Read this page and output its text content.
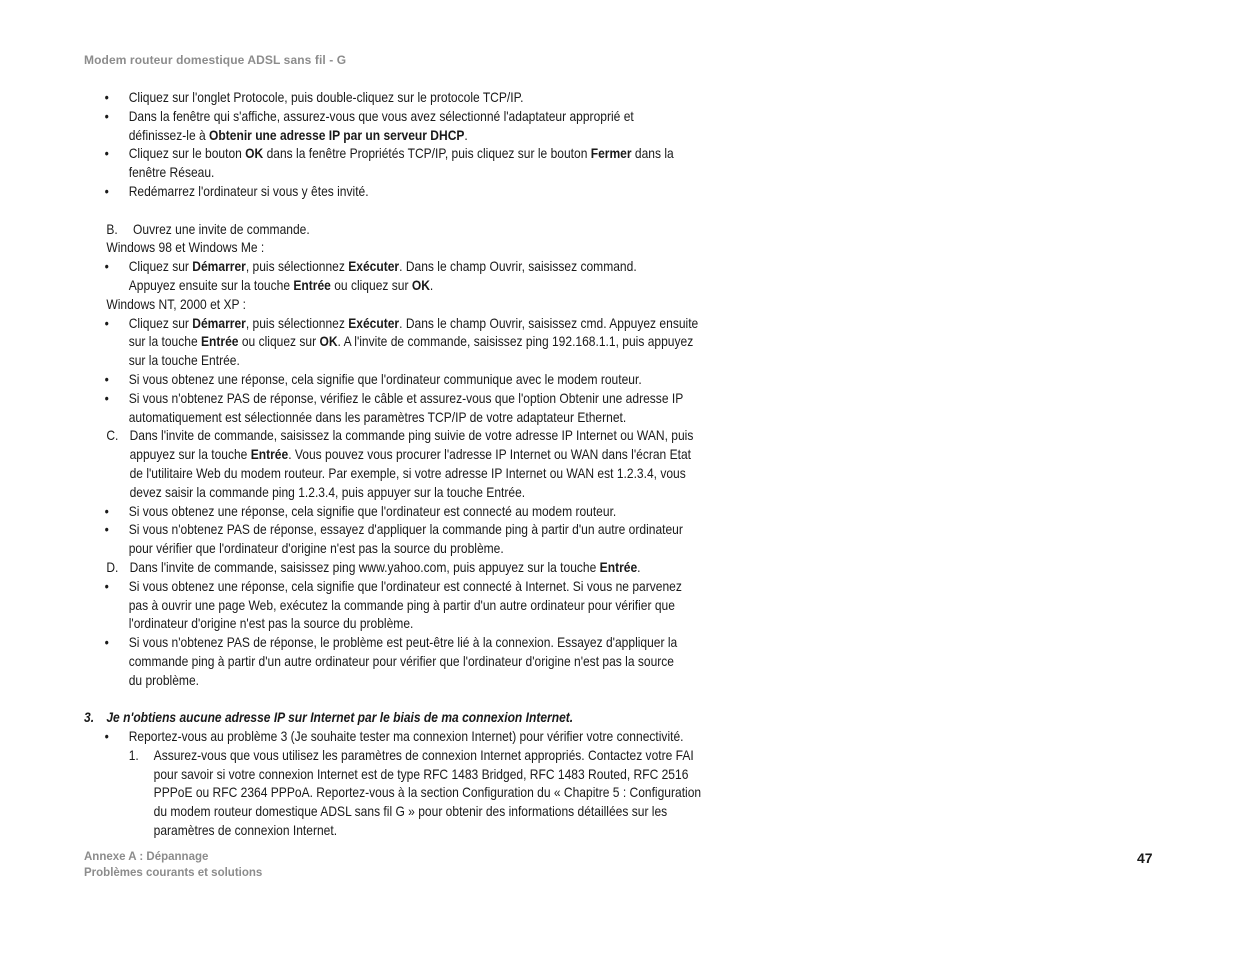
Modem routeur domestique ADSL sans fil - G
• Cliquez sur l'onglet Protocole, puis double-cliquez sur le protocole TCP/IP.
• Dans la fenêtre qui s'affiche, assurez-vous que vous avez sélectionné l'adaptateur approprié et
définissez-le à Obtenir une adresse IP par un serveur DHCP.
• Cliquez sur le bouton OK dans la fenêtre Propriétés TCP/IP, puis cliquez sur le bouton Fermer dans la
fenêtre Réseau.
• Redémarrez l'ordinateur si vous y êtes invité.
B. Ouvrez une invite de commande.
Windows 98 et Windows Me :
• Cliquez sur Démarrer, puis sélectionnez Exécuter. Dans le champ Ouvrir, saisissez command.
Appuyez ensuite sur la touche Entrée ou cliquez sur OK.
Windows NT, 2000 et XP :
• Cliquez sur Démarrer, puis sélectionnez Exécuter. Dans le champ Ouvrir, saisissez cmd. Appuyez ensuite
sur la touche Entrée ou cliquez sur OK. A l'invite de commande, saisissez ping 192.168.1.1, puis appuyez
sur la touche Entrée.
• Si vous obtenez une réponse, cela signifie que l'ordinateur communique avec le modem routeur.
• Si vous n'obtenez PAS de réponse, vérifiez le câble et assurez-vous que l'option Obtenir une adresse IP
automatiquement est sélectionnée dans les paramètres TCP/IP de votre adaptateur Ethernet.
C. Dans l'invite de commande, saisissez la commande ping suivie de votre adresse IP Internet ou WAN, puis
appuyez sur la touche Entrée. Vous pouvez vous procurer l'adresse IP Internet ou WAN dans l'écran Etat
de l'utilitaire Web du modem routeur. Par exemple, si votre adresse IP Internet ou WAN est 1.2.3.4, vous
devez saisir la commande ping 1.2.3.4, puis appuyer sur la touche Entrée.
• Si vous obtenez une réponse, cela signifie que l'ordinateur est connecté au modem routeur.
• Si vous n'obtenez PAS de réponse, essayez d'appliquer la commande ping à partir d'un autre ordinateur
pour vérifier que l'ordinateur d'origine n'est pas la source du problème.
D. Dans l'invite de commande, saisissez ping www.yahoo.com, puis appuyez sur la touche Entrée.
• Si vous obtenez une réponse, cela signifie que l'ordinateur est connecté à Internet. Si vous ne parvenez
pas à ouvrir une page Web, exécutez la commande ping à partir d'un autre ordinateur pour vérifier que
l'ordinateur d'origine n'est pas la source du problème.
• Si vous n'obtenez PAS de réponse, le problème est peut-être lié à la connexion. Essayez d'appliquer la
commande ping à partir d'un autre ordinateur pour vérifier que l'ordinateur d'origine n'est pas la source
du problème.
3. Je n'obtiens aucune adresse IP sur Internet par le biais de ma connexion Internet.
• Reportez-vous au problème 3 (Je souhaite tester ma connexion Internet) pour vérifier votre connectivité.
1. Assurez-vous que vous utilisez les paramètres de connexion Internet appropriés. Contactez votre FAI
pour savoir si votre connexion Internet est de type RFC 1483 Bridged, RFC 1483 Routed, RFC 2516
PPPoE ou RFC 2364 PPPoA. Reportez-vous à la section Configuration du « Chapitre 5 : Configuration
du modem routeur domestique ADSL sans fil G » pour obtenir des informations détaillées sur les
paramètres de connexion Internet.
Annexe A : Dépannage
Problèmes courants et solutions
47
